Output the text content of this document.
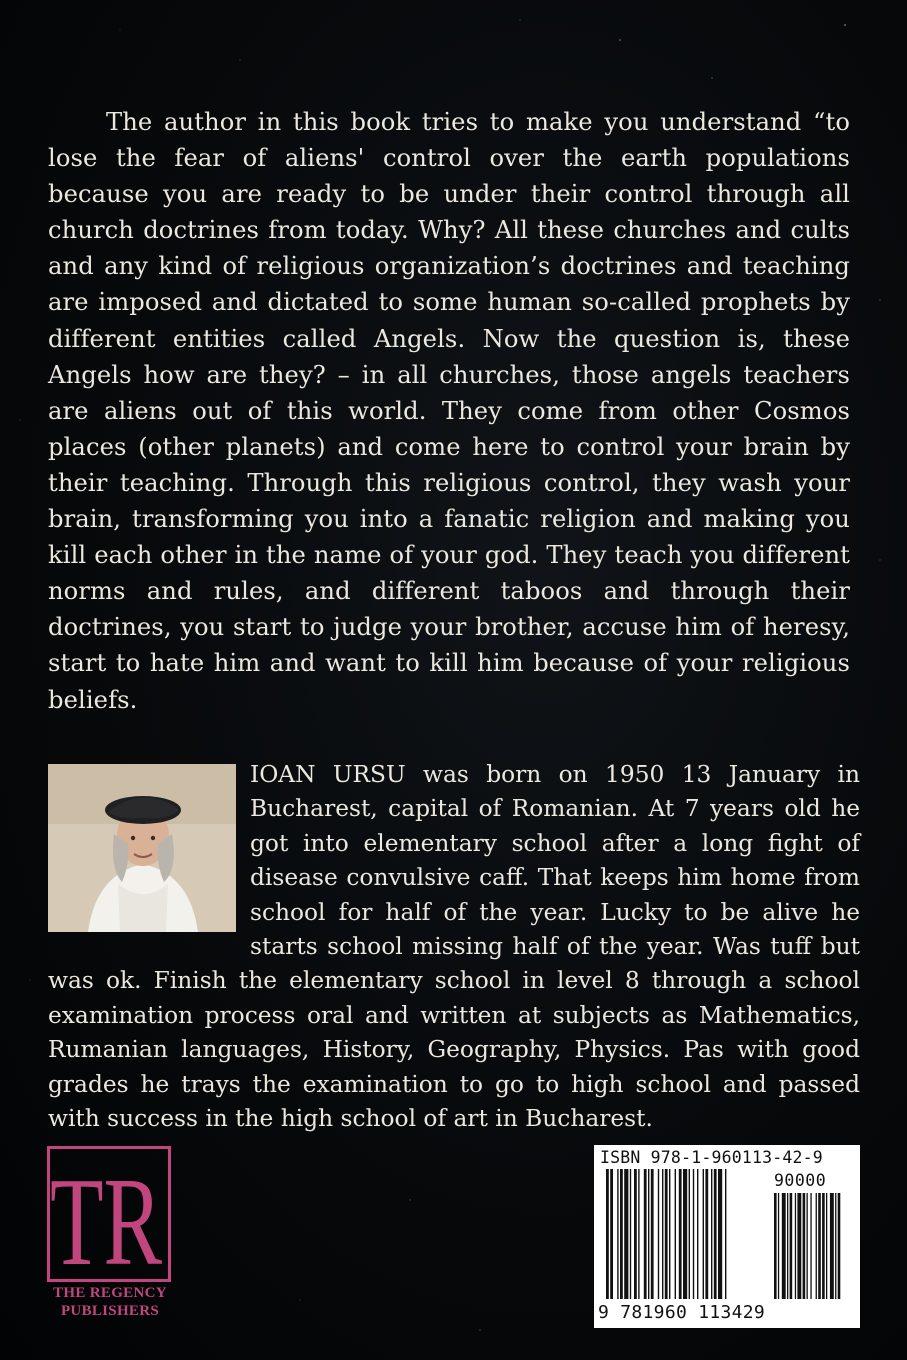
The author in this book tries to make you understand “to lose the fear of aliens' control over the earth populations because you are ready to be under their control through all church doctrines from today. Why? All these churches and cults and any kind of religious organization’s doctrines and teaching are imposed and dictated to some human so-called prophets by different entities called Angels. Now the question is, these Angels how are they? – in all churches, those angels teachers are aliens out of this world. They come from other Cosmos places (other planets) and come here to control your brain by their teaching. Through this religious control, they wash your brain, transforming you into a fanatic religion and making you kill each other in the name of your god. They teach you different norms and rules, and different taboos and through their doctrines, you start to judge your brother, accuse him of heresy, start to hate him and want to kill him because of your religious beliefs.

IOAN URSU was born on 1950 13 January in Bucharest, capital of Romanian. At 7 years old he got into elementary school after a long fight of disease convulsive caff. That keeps him home from school for half of the year. Lucky to be alive he starts school missing half of the year. Was tuff but was ok. Finish the elementary school in level 8 through a school examination process oral and written at subjects as Mathematics, Rumanian languages, History, Geography, Physics. Pas with good grades he trays the examination to go to high school and passed with success in the high school of art in Bucharest.
TR
THE REGENCY
PUBLISHERS
ISBN 978-1-960113-42-9
90000
9 781960 113429
